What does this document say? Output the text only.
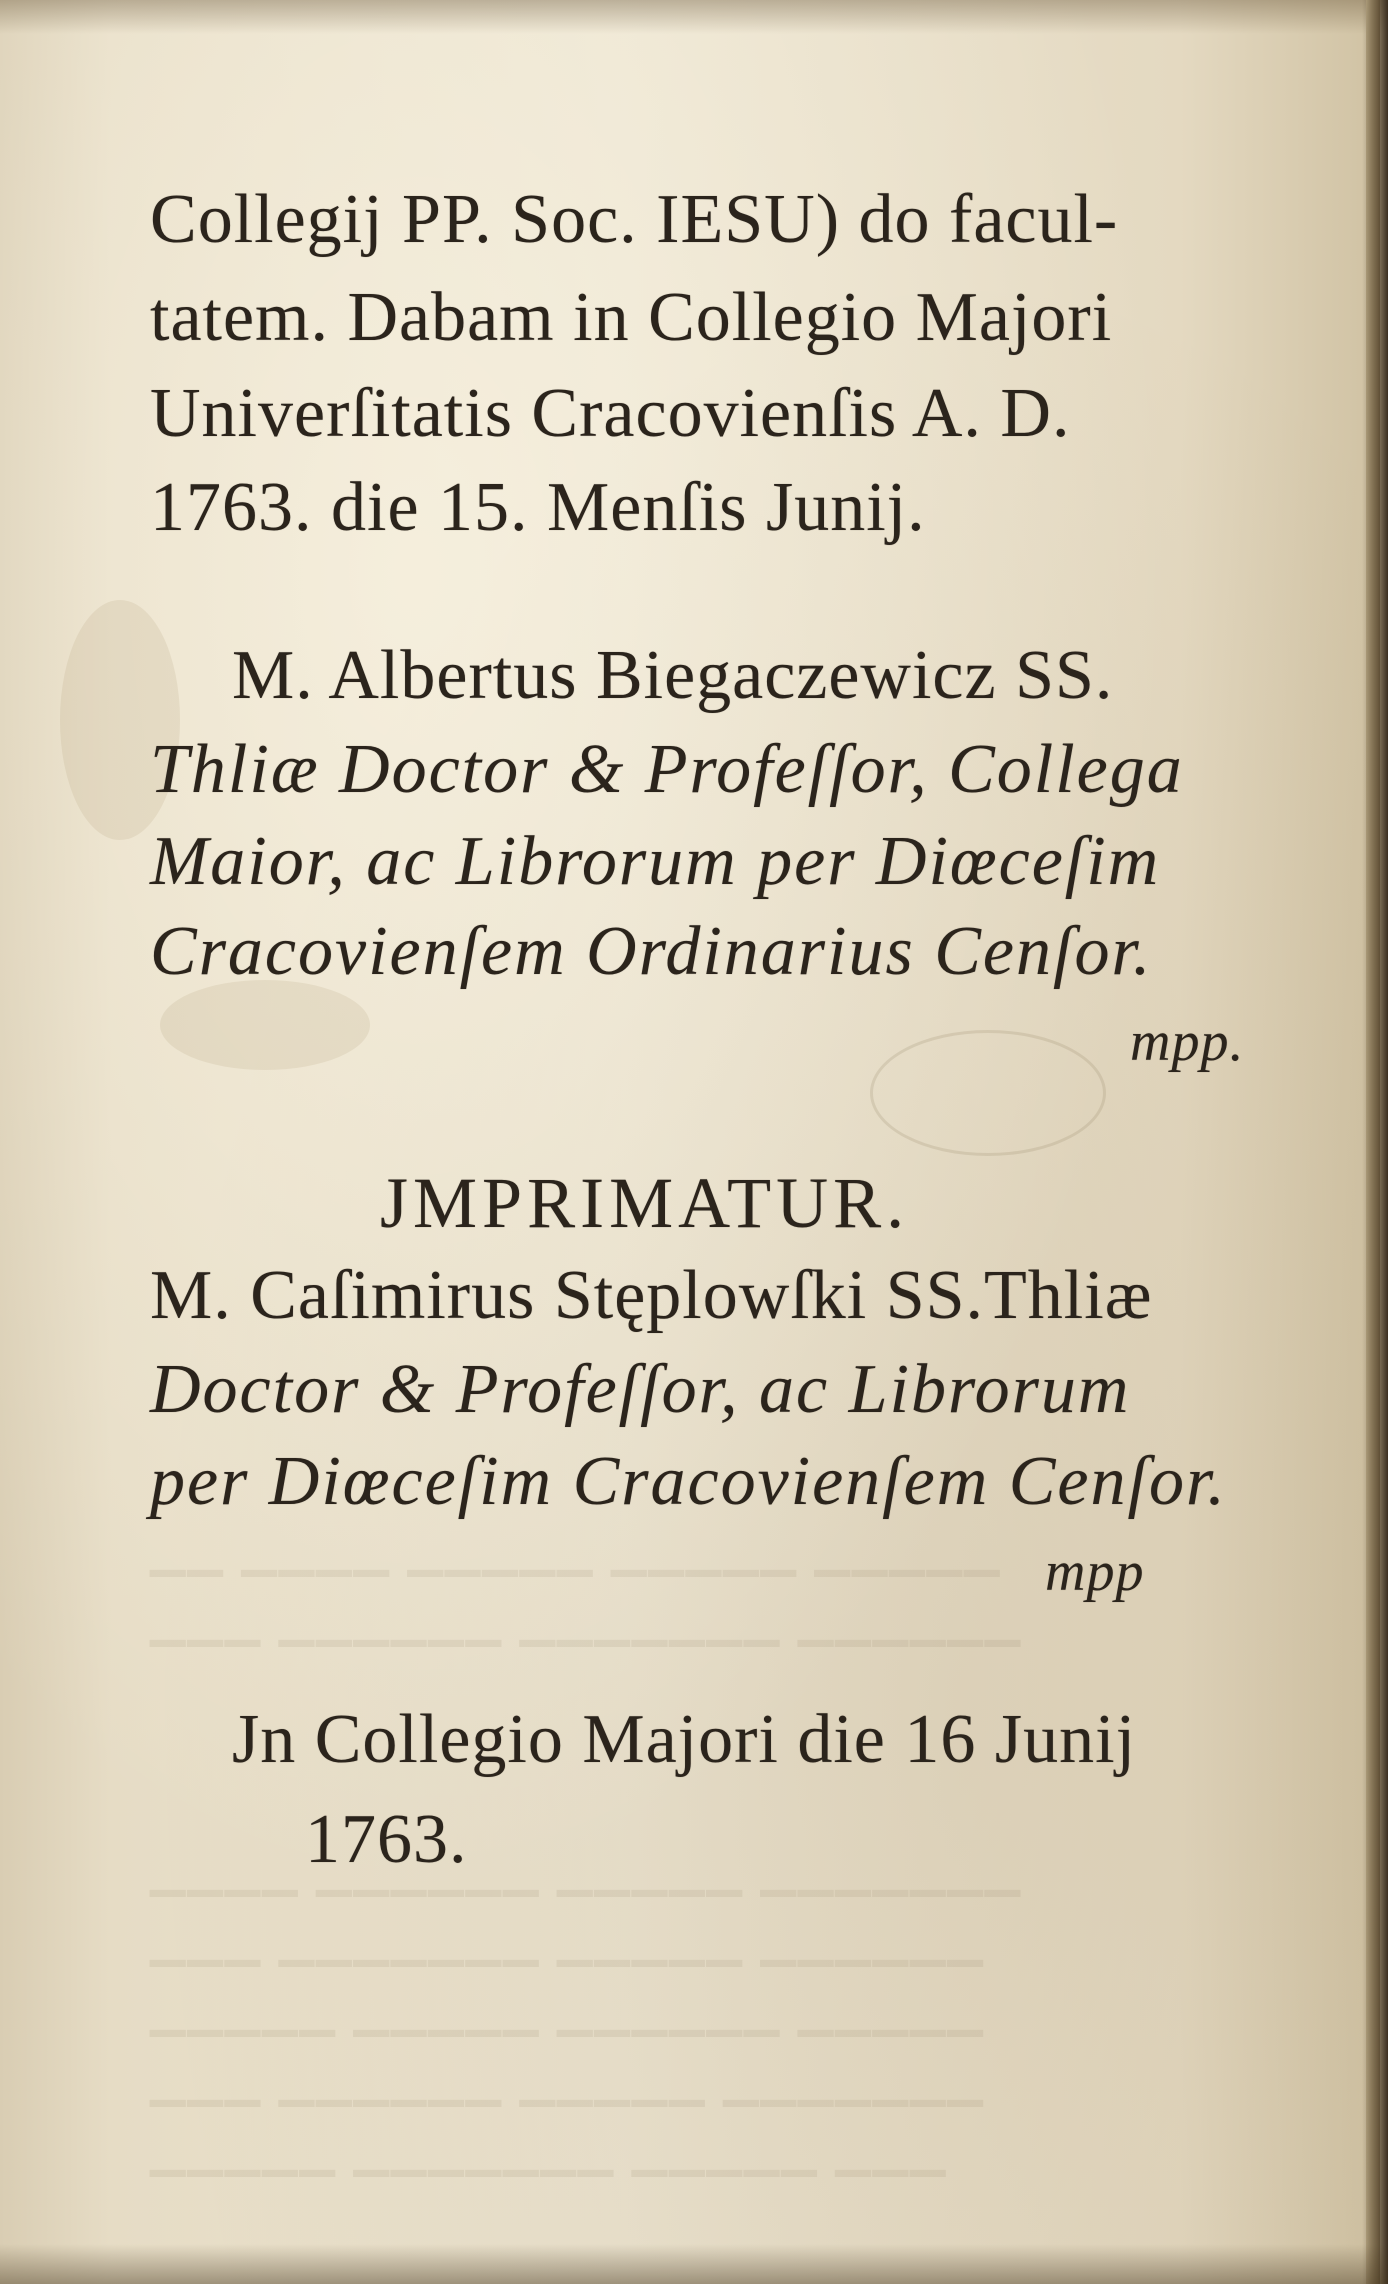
▔▔ ▔▔▔▔ ▔▔▔▔▔ ▔▔▔▔▔ ▔▔▔▔▔
▔▔▔ ▔▔▔▔▔▔ ▔▔▔▔▔▔▔ ▔▔▔▔▔▔
▔▔▔▔ ▔▔▔▔▔▔ ▔▔▔▔▔ ▔▔▔▔▔▔▔
▔▔▔ ▔▔▔▔▔▔▔ ▔▔▔▔▔ ▔▔▔▔▔▔
▔▔▔▔▔ ▔▔▔▔▔ ▔▔▔▔▔▔ ▔▔▔▔▔
▔▔▔ ▔▔▔▔▔▔ ▔▔▔▔▔ ▔▔▔▔▔▔▔
▔▔▔▔▔ ▔▔▔▔▔▔▔ ▔▔▔▔▔ ▔▔▔
Collegij PP. Soc. IESU) do facul-
tatem. Dabam in Collegio Majori
Univerſitatis Cracovienſis A. D.
1763. die 15. Menſis Junij.
M. Albertus Biegaczewicz SS.
Thliæ Doctor & Profeſſor, Collega
Maior, ac Librorum per Diœceſim
Cracovienſem Ordinarius Cenſor.
mpp.
JMPRIMATUR.
M. Caſimirus Stęplowſki SS.Thliæ
Doctor & Profeſſor, ac Librorum
per Diœceſim Cracovienſem Cenſor.
mpp
Jn Collegio Majori die 16 Junij
1763.
